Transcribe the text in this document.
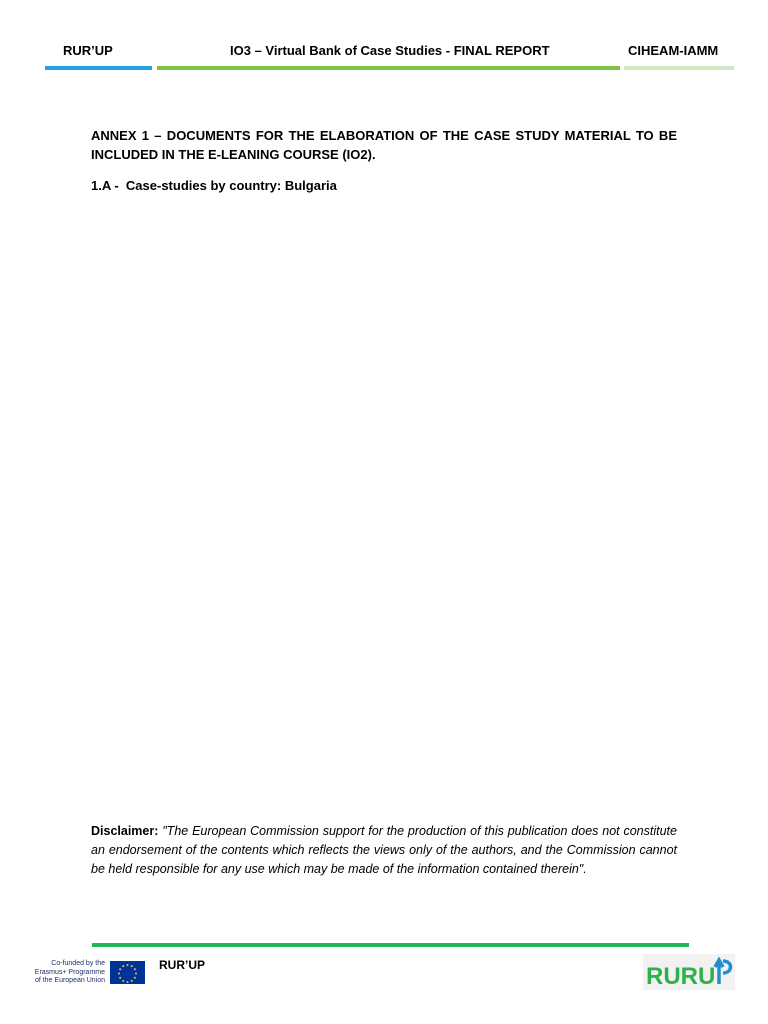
RUR’UP	IO3 – Virtual Bank of Case Studies - FINAL REPORT	CIHEAM-IAMM
ANNEX 1 – DOCUMENTS FOR THE ELABORATION OF THE CASE STUDY MATERIAL TO BE INCLUDED IN THE E-LEANING COURSE (IO2).
1.A -  Case-studies by country: Bulgaria
Disclaimer: "The European Commission support for the production of this publication does not constitute an endorsement of the contents which reflects the views only of the authors, and the Commission cannot be held responsible for any use which may be made of the information contained therein".
Co-funded by the
Erasmus+ Programme
of the European Union
RUR’UP	RURU
